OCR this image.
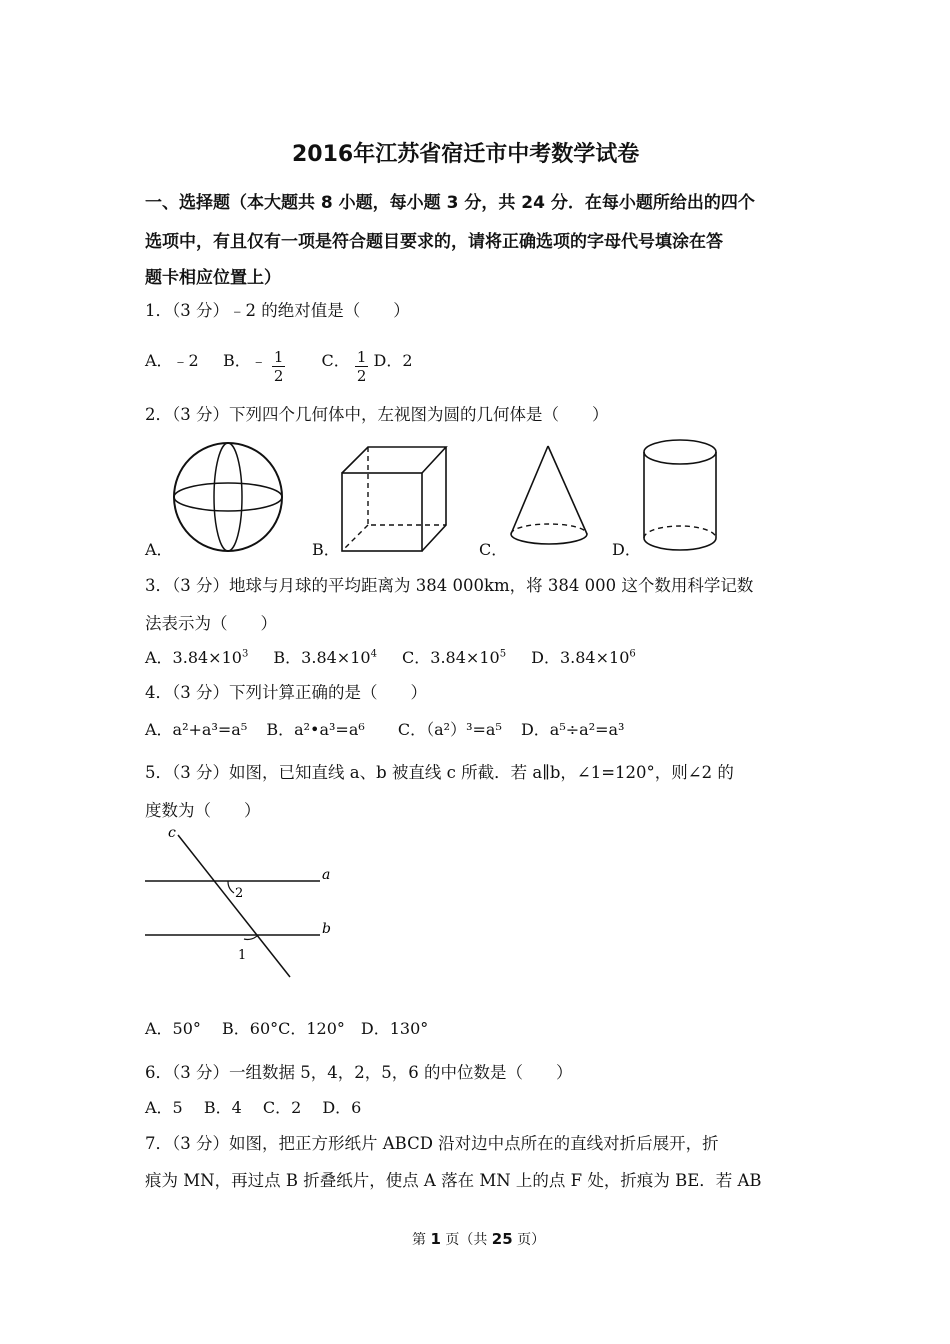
2016年江苏省宿迁市中考数学试卷
一、选择题（本大题共 8 小题，每小题 3 分，共 24 分．在每小题所给出的四个
选项中，有且仅有一项是符合题目要求的，请将正确选项的字母代号填涂在答
题卡相应位置上）
1．（3 分）﹣2 的绝对值是（　　）
A．﹣2 B．﹣ $\frac{1}{2}$ C． $\frac{1}{2}$ D．2
2．（3 分）下列四个几何体中，左视图为圆的几何体是（　　）
A．	B．	C．	D．
3．（3 分）地球与月球的平均距离为 384 000km，将 384 000 这个数用科学记数
法表示为（　　）
A．$3.84\times 10^3$ B．$3.84\times 10^4$ C．$3.84\times 10^5$ D．$3.84\times 10^6$
4．（3 分）下列计算正确的是（　　）
A．a²+a³=a⁵ B．a²•a³=a⁶ C．（a²）³=a⁵ D．a⁵÷a²=a³
5．（3 分）如图，已知直线 a、b 被直线 c 所截．若 a∥b，∠1=120°，则∠2 的
度数为（　　）
c
a
b
2
1
A．50°　 B．60°C．120°　D．130°
6．（3 分）一组数据 5，4，2，5，6 的中位数是（　　）
A．5　 B．4　 C．2　 D．6
7．（3 分）如图，把正方形纸片 ABCD 沿对边中点所在的直线对折后展开，折
痕为 MN，再过点 B 折叠纸片，使点 A 落在 MN 上的点 F 处，折痕为 BE．若 AB
第 1 页（共 25 页）
